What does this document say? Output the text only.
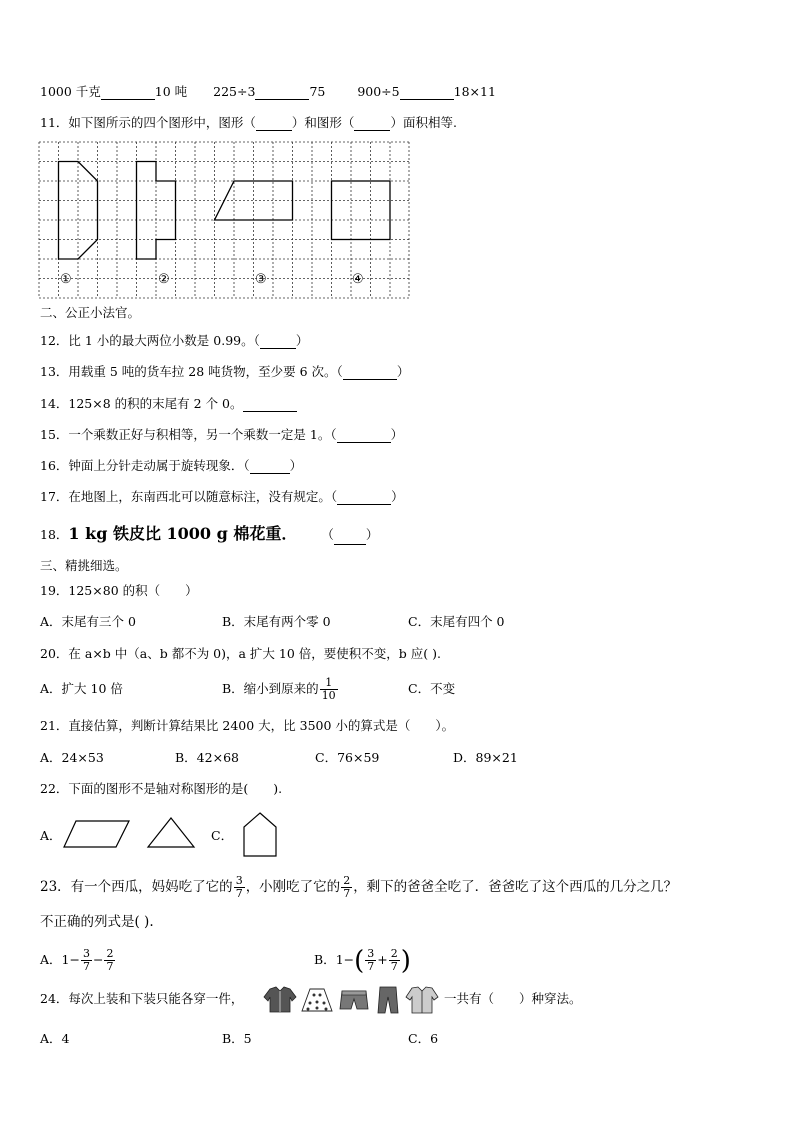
1000 千克	10 吨 225÷3	75	900÷5	18×11
11．如下图所示的四个图形中，图形（	）和图形（	）面积相等.
①	②	③	④
二、公正小法官。
12．比 1 小的最大两位小数是 0.99。（	）
13．用载重 5 吨的货车拉 28 吨货物，至少要 6 次。（	）
14．125×8 的积的末尾有 2 个 0。
15．一个乘数正好与积相等，另一个乘数一定是 1。（	）
16．钟面上分针走动属于旋转现象．（	）
17．在地图上，东南西北可以随意标注，没有规定。（	）
18．1 kg 铁皮比 1000 g 棉花重． （	）
三、精挑细选。
19．125×80 的积（　　）
A．末尾有三个 0	B．末尾有两个零 0	C．末尾有四个 0
20．在 a×b 中（a、b 都不为 0)，a 扩大 10 倍，要使积不变，b 应( ).
A．扩大 10 倍	B．缩小到原来的 $\frac{1}{10}$	C．不变
21．直接估算，判断计算结果比 2400 大，比 3500 小的算式是（　　）。
A．24×53	B．42×68	C．76×59	D．89×21
22．下面的图形不是轴对称图形的是(　　).
A．	C．
23．有一个西瓜，妈妈吃了它的 $\frac{3}{7}$ ，小刚吃了它的 $\frac{2}{7}$ ，剩下的爸爸全吃了．爸爸吃了这个西瓜的几分之几？
不正确的列式是( ).
A．$1- \frac{3}{7} - \frac{2}{7}$	B．$1-( \frac{3}{7} + \frac{2}{7}$ )
24．每次上装和下装只能各穿一件，	一共有（　　）种穿法。
A．4	B．5	C．6
